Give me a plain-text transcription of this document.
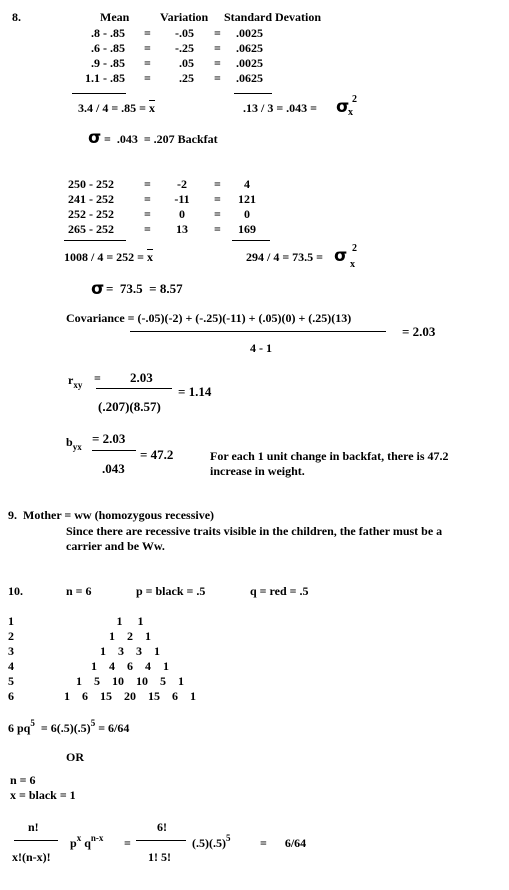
8.	Mean	Variation Standard Devation
.8 - .85 =	-.05 = .0025
.6 - .85 =	-.25 = .0625
.9 - .85 =	.05 = .0025
1.1 - .85 =	.25 = .0625
$3.4 / 4 = .85 = \overline{x}$	.13 / 3 = .043 = σ 2
x
σ =  .043  = .207 Backfat
250 - 252	=	-2	=	4
241 - 252	=	-11	=	121
252 - 252	=	0	=	0
265 - 252	=	13	=	169
$1008 / 4 = 252 = \overline{x}$	294 / 4 = 73.5 = σ 2
x
σ =  73.5  = 8.57
Covariance = (-.05)(-2) + (-.25)(-11) + (.05)(0) + (.25)(13)
= 2.03
4 - 1
$r_{xy} = 2.03$
= 1.14
(.207)(8.57)
$b_{yx}$
= 2.03
= 47.2	For each 1 unit change in backfat, there is 47.2
increase in weight.
.043
9.  Mother = ww (homozygous recessive)
Since there are recessive traits visible in the children, the father must be a
carrier and be Ww.
10.	n = 6	p = black = .5	q = red = .5
1	1     1
2	1    2    1
3	1    3    3    1
4	1    4    6    4    1
5	1    5    10    10    5    1
6	1    6    15    20    15    6    1
6 $pq^5 = 6(.5)(.5)^5 = 6/64$
OR
n = 6
x = black = 1
n!
x!(n-x)!
$p^x$ $q^{n-x}$ =
6!
1! 5!
$(.5)(.5)^5$ =      6/64
